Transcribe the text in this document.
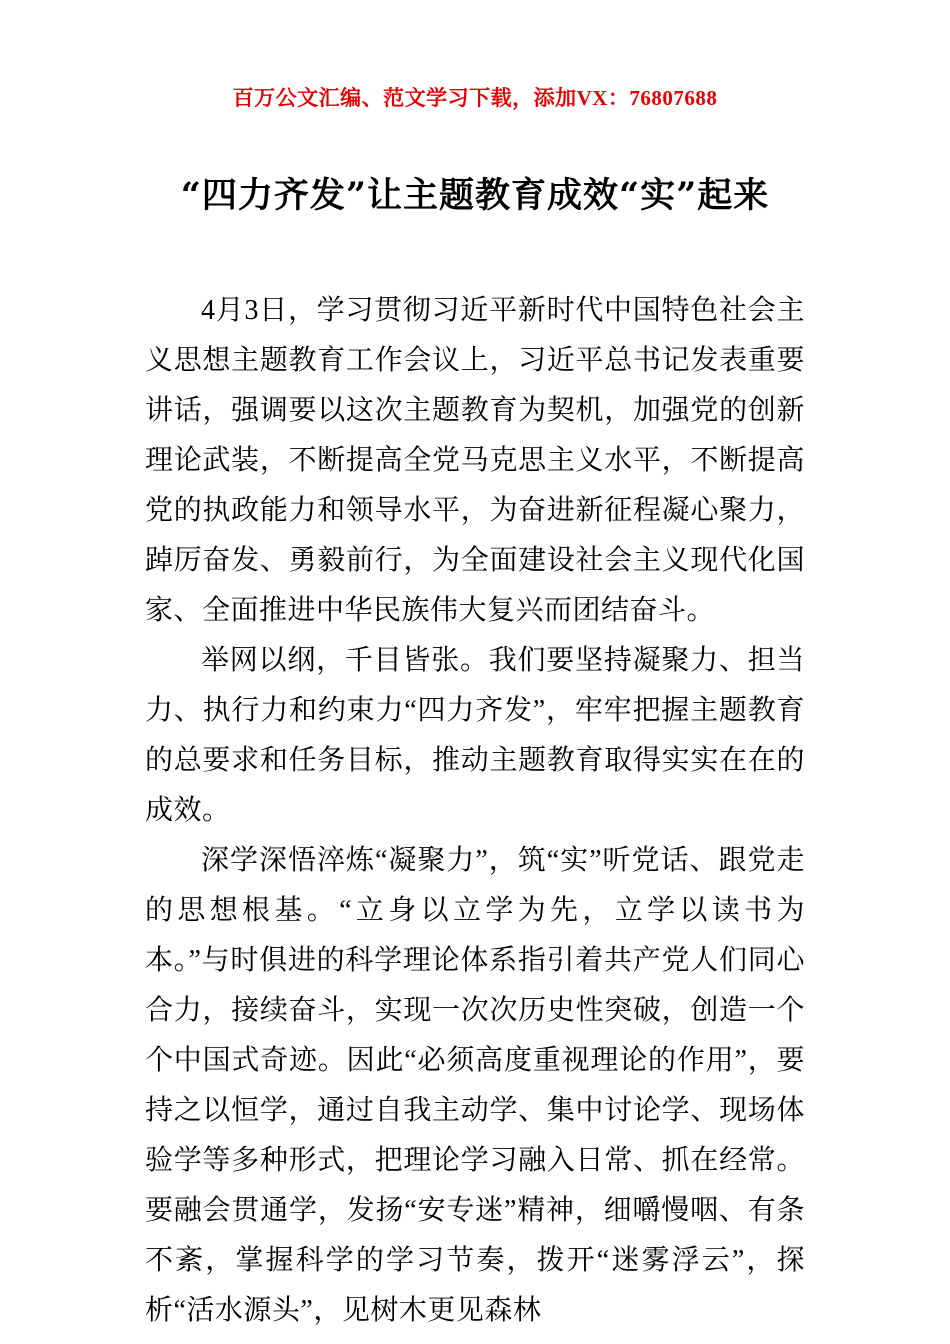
百万公文汇编、范文学习下载，添加VX：76807688
“四力齐发”让主题教育成效“实”起来

4月3日，学习贯彻习近平新时代中国特色社会主义思想主题教育工作会议上，习近平总书记发表重要讲话，强调要以这次主题教育为契机，加强党的创新理论武装，不断提高全党马克思主义水平，不断提高党的执政能力和领导水平，为奋进新征程凝心聚力，踔厉奋发、勇毅前行，为全面建设社会主义现代化国家、全面推进中华民族伟大复兴而团结奋斗。

举网以纲，千目皆张。我们要坚持凝聚力、担当力、执行力和约束力“四力齐发”，牢牢把握主题教育的总要求和任务目标，推动主题教育取得实实在在的成效。

深学深悟淬炼“凝聚力”，筑“实”听党话、跟党走的思想根基。“立身以立学为先，立学以读书为本。”与时俱进的科学理论体系指引着共产党人们同心合力，接续奋斗，实现一次次历史性突破，创造一个个中国式奇迹。因此“必须高度重视理论的作用”，要持之以恒学，通过自我主动学、集中讨论学、现场体验学等多种形式，把理论学习融入日常、抓在经常。要融会贯通学，发扬“安专迷”精神，细嚼慢咽、有条不紊，掌握科学的学习节奏，拨开“迷雾浮云”，探析“活水源头”，见树木更见森林
